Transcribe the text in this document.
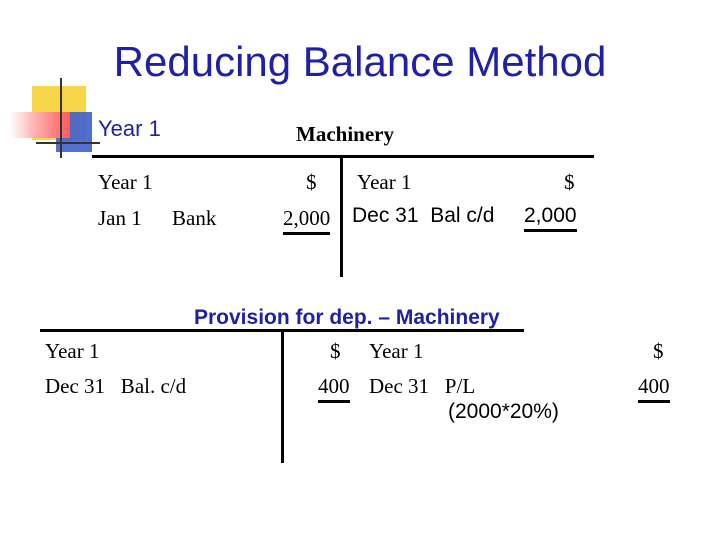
Reducing Balance Method
Year 1	Machinery
Year 1	$ Year 1	$
Jan 1 Bank	2,000 Dec 31  Bal c/d 2,000
Provision for dep. – Machinery
Year 1	$ Year 1	$
Dec 31   Bal. c/d	400 Dec 31   P/L	400
(2000*20%)
